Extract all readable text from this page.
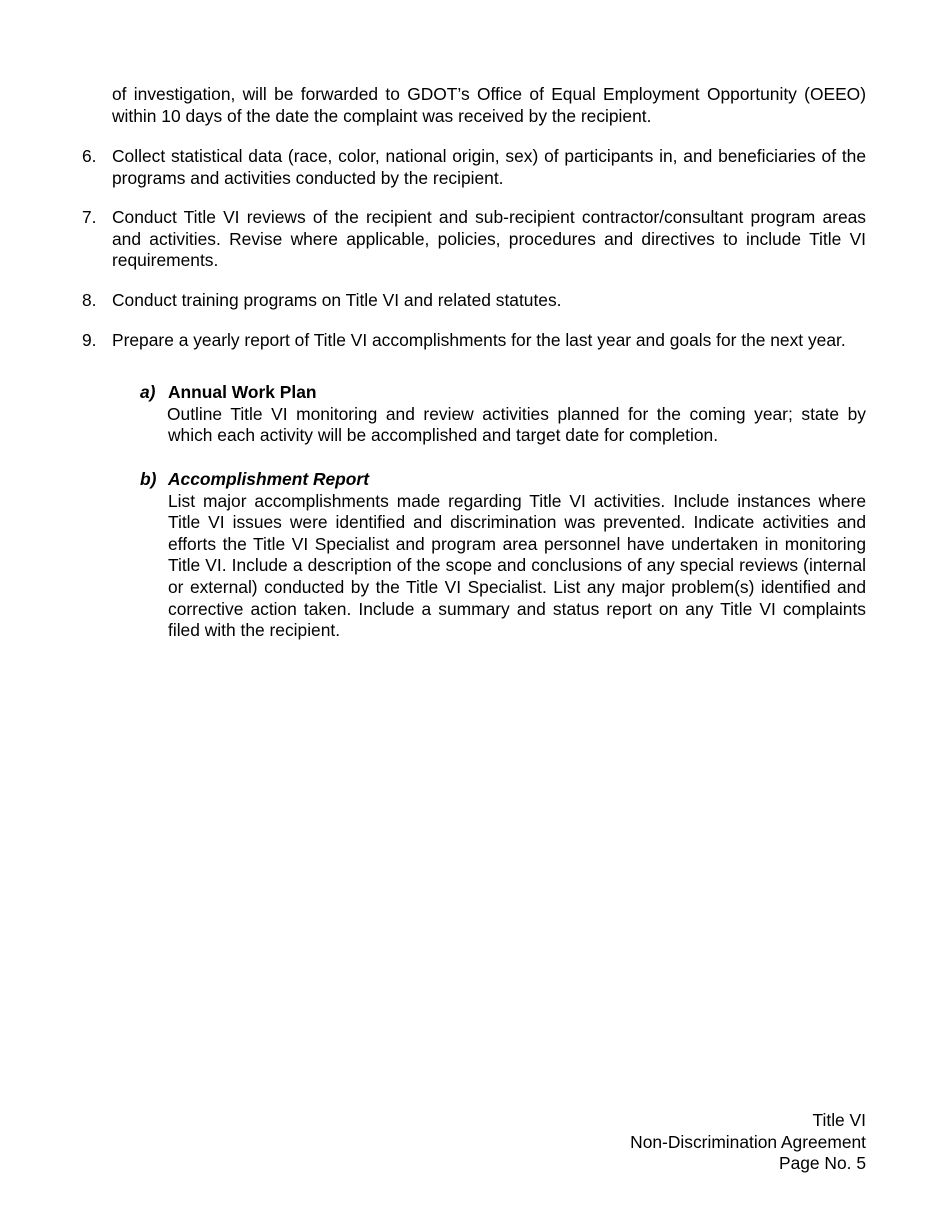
of investigation, will be forwarded to GDOT’s Office of Equal Employment Opportunity (OEEO) within 10 days of the date the complaint was received by the recipient.

6. Collect statistical data (race, color, national origin, sex) of participants in, and beneficiaries of the programs and activities conducted by the recipient.

7. Conduct Title VI reviews of the recipient and sub-recipient contractor/consultant program areas and activities. Revise where applicable, policies, procedures and directives to include Title VI requirements.

8. Conduct training programs on Title VI and related statutes.

9. Prepare a yearly report of Title VI accomplishments for the last year and goals for the next year.

a) Annual Work Plan
Outline Title VI monitoring and review activities planned for the coming year; state by which each activity will be accomplished and target date for completion.
b) Accomplishment Report
List major accomplishments made regarding Title VI activities. Include instances where Title VI issues were identified and discrimination was prevented. Indicate activities and efforts the Title VI Specialist and program area personnel have undertaken in monitoring Title VI. Include a description of the scope and conclusions of any special reviews (internal or external) conducted by the Title VI Specialist. List any major problem(s) identified and corrective action taken. Include a summary and status report on any Title VI complaints filed with the recipient.
Title VI
Non-Discrimination Agreement
Page No. 5
